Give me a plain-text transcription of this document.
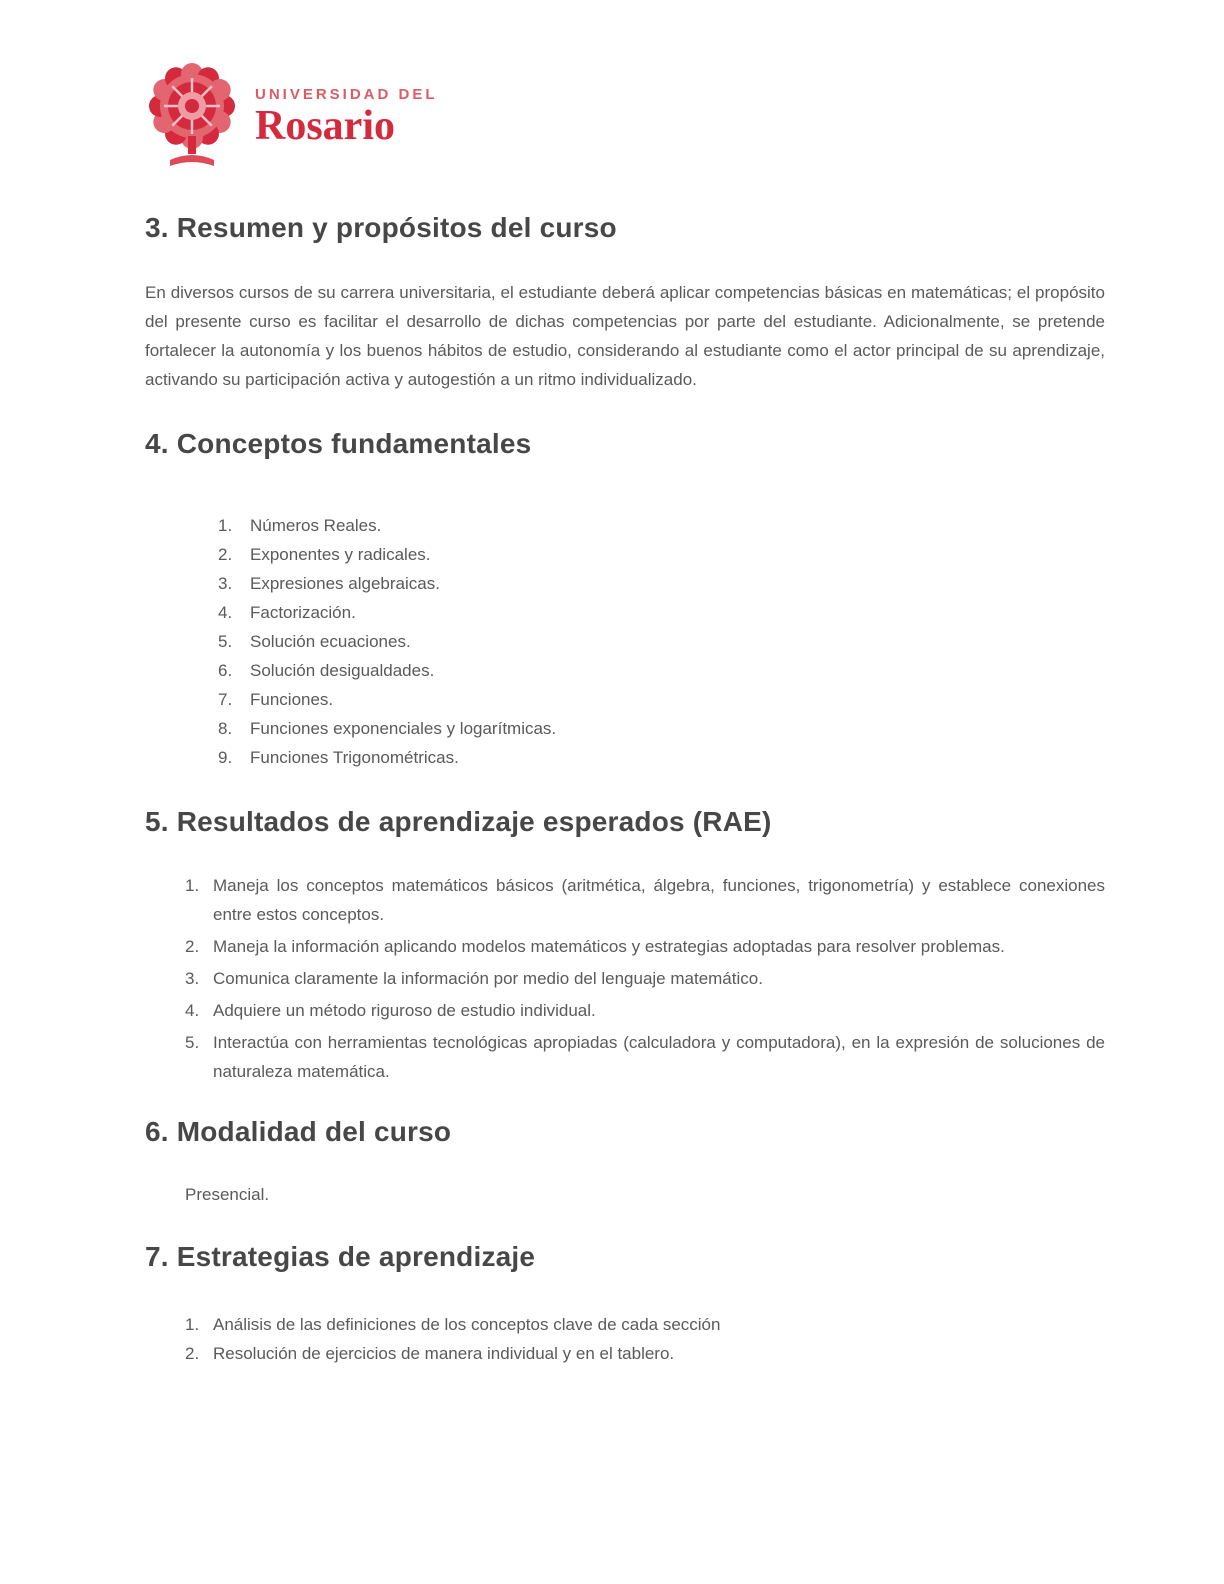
UNIVERSIDAD DEL
Rosario
3. Resumen y propósitos del curso

En diversos cursos de su carrera universitaria, el estudiante deberá aplicar competencias básicas en matemáticas; el propósito del presente curso es facilitar el desarrollo de dichas competencias por parte del estudiante. Adicionalmente, se pretende fortalecer la autonomía y los buenos hábitos de estudio, considerando al estudiante como el actor principal de su aprendizaje, activando su participación activa y autogestión a un ritmo individualizado.

4. Conceptos fundamentales
Números Reales.
Exponentes y radicales.
Expresiones algebraicas.
Factorización.
Solución ecuaciones.
Solución desigualdades.
Funciones.
Funciones exponenciales y logarítmicas.
Funciones Trigonométricas.
5. Resultados de aprendizaje esperados (RAE)
Maneja los conceptos matemáticos básicos (aritmética, álgebra, funciones, trigonometría) y establece conexiones entre estos conceptos.
Maneja la información aplicando modelos matemáticos y estrategias adoptadas para resolver problemas.
Comunica claramente la información por medio del lenguaje matemático.
Adquiere un método riguroso de estudio individual.
Interactúa con herramientas tecnológicas apropiadas (calculadora y computadora), en la expresión de soluciones de naturaleza matemática.
6. Modalidad del curso

Presencial.

7. Estrategias de aprendizaje
Análisis de las definiciones de los conceptos clave de cada sección
Resolución de ejercicios de manera individual y en el tablero.
